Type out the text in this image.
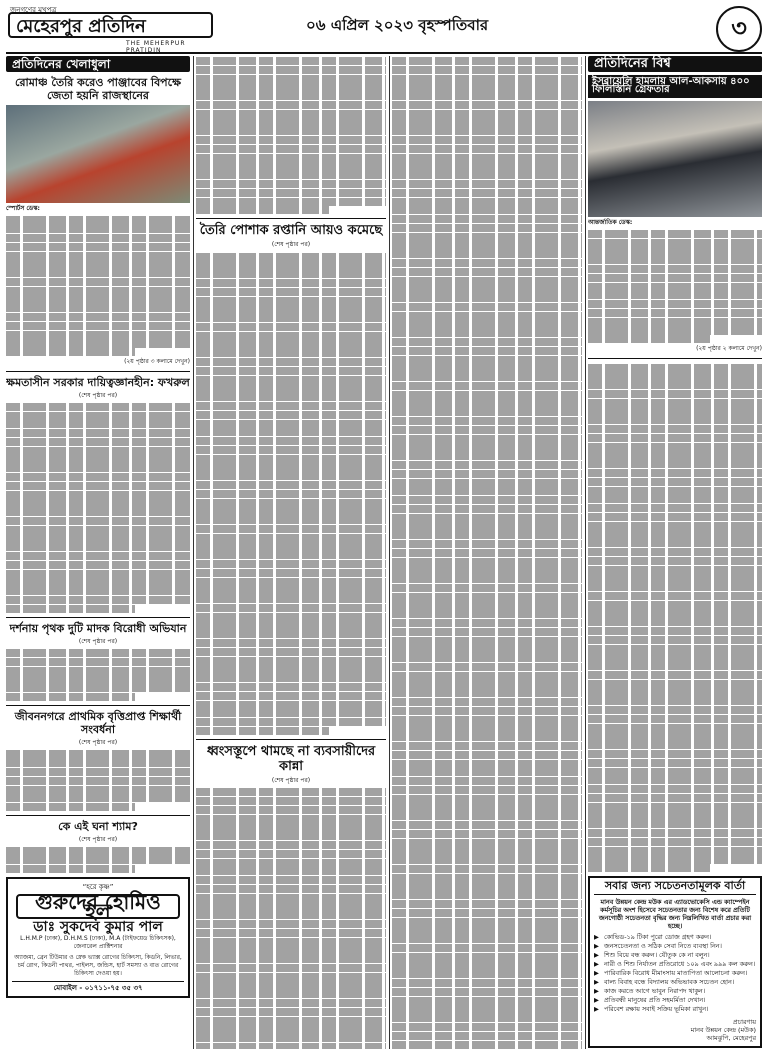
জনগণের মুখপত্র
মেহেরপুর প্রতিদিন
THE MEHERPUR PRATIDIN
০৬ এপ্রিল ২০২৩ বৃহস্পতিবার	৩
প্রতিদিনের খেলাধুলা
রোমাঞ্চ তৈরি করেও পাঞ্জাবের বিপক্ষে জেতা হয়নি রাজস্থানের
স্পোর্টস ডেস্ক:
(২য় পৃষ্ঠার ৩ কলামে দেখুন)
ক্ষমতাসীন সরকার দায়িত্বজ্ঞানহীন: ফখরুল
(শেষ পৃষ্ঠার পর)
দর্শনায় পৃথক দুটি মাদক বিরোধী অভিযান
(শেষ পৃষ্ঠার পর)
জীবননগরে প্রাথমিক বৃত্তিপ্রাপ্ত শিক্ষার্থী সংবর্ধনা
(শেষ পৃষ্ঠার পর)
কে এই ঘনা শ্যাম?
(শেষ পৃষ্ঠার পর)
“হরে কৃষ্ণ”
গুরুদেব হোমিও হল
ডাঃ সুকদেব কুমার পাল
L.H.M.P (ঢাকা), D.H.M.S (ঢাকা), M.A (টাইফয়েড চিকিৎসক), জেনারেল প্রাক্টিশনার
অ্যাজমা, ব্রেন টিউমার ও স্নেক ভ্যাক্স রোগের চিকিৎসা, কিডনি, লিভার, চর্ম রোগ, কিডনী পাথর, পাইলস, জন্ডিস, হার্ট সমস্যা ও বাত রোগের চিকিৎসা দেওয়া হয়।
মোবাইল - ০১৭১১-৭৫ ৩৫ ৩৭
তৈরি পোশাক রপ্তানি আয়ও কমেছে
(শেষ পৃষ্ঠার পর)
ধ্বংসস্তূপে থামছে না ব্যবসায়ীদের কান্না
(শেষ পৃষ্ঠার পর)
প্রতিদিনের বিশ্ব
ইসরায়েলি হামলায় আল-আকসায় ৪০০ ফিলিস্তিনি গ্রেফতার
আন্তর্জাতিক ডেস্ক:
(২য় পৃষ্ঠার ২ কলামে দেখুন)
সবার জন্য সচেতনতামূলক বার্তা
মানব উন্নয়ন কেন্দ্র মউক এর এ্যাডভোকেসি এন্ড ক্যাম্পেইন কর্মসূচির অংশ হিসেবে সচেতনতার জন্য বিশেষ করে প্রতিটি জনগোষ্ঠী সচেতনতা বৃদ্ধির জন্য নিম্নলিখিত বার্তা প্রচার করা হচ্ছে।
▶ কোভিড-১৯ টিকা পুরো ডোজ গ্রহণ করুন।
▶ জনসচেতনতা ও সঠিক সেবা নিতে ব্যবস্থা নিন।
▶ শিশু বিয়ে বন্ধ করুন। যৌতুক কে না বলুন।
▶ নারী ও শিশু নির্যাতন প্রতিরোধে ১০৯ এবং ৯৯৯ কল করুন।
▶ পারিবারিক বিরোধ মীমাংসায় মাতাপিতা আলোচনা করুন।
▶ বাল্য বিবাহ বন্ধে বিদ্যালয় অভিভাবক সচেতন হোন।
▶ কাজ করতে আগে ভাবুন নিরাপদ থাকুন।
▶ প্রতিবন্ধী মানুষের প্রতি সহমর্মিতা দেখান।
▶ পরিবেশ রক্ষায় সবাই সক্রিয় ভূমিকা রাখুন।
প্রচারণায়
মানব উন্নয়ন কেন্দ্র (মউক)
আমঝুপি, মেহেরপুর
